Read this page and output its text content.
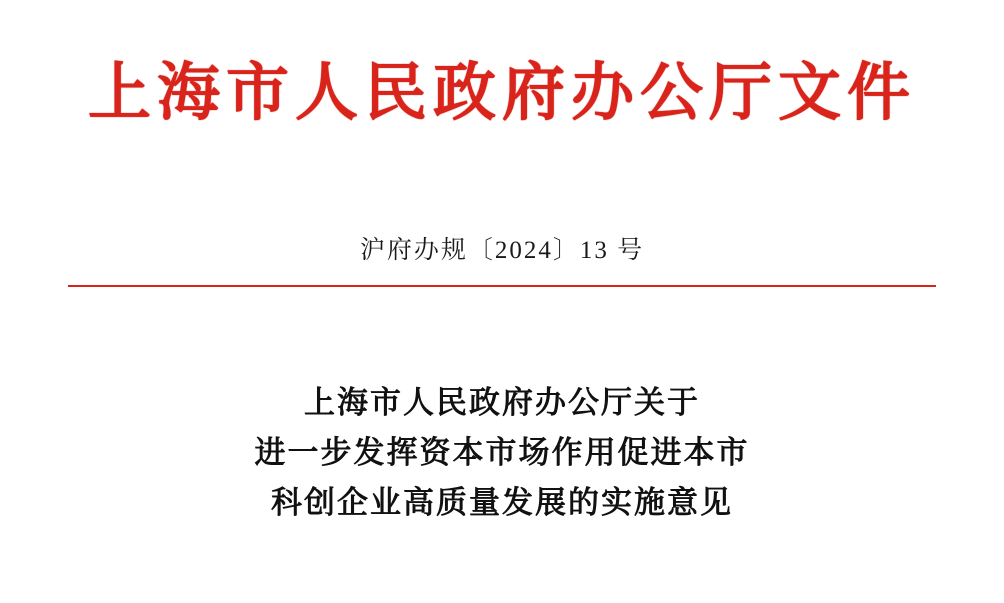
上海市人民政府办公厅文件
沪府办规〔2024〕13 号
上海市人民政府办公厅关于
进一步发挥资本市场作用促进本市
科创企业高质量发展的实施意见
